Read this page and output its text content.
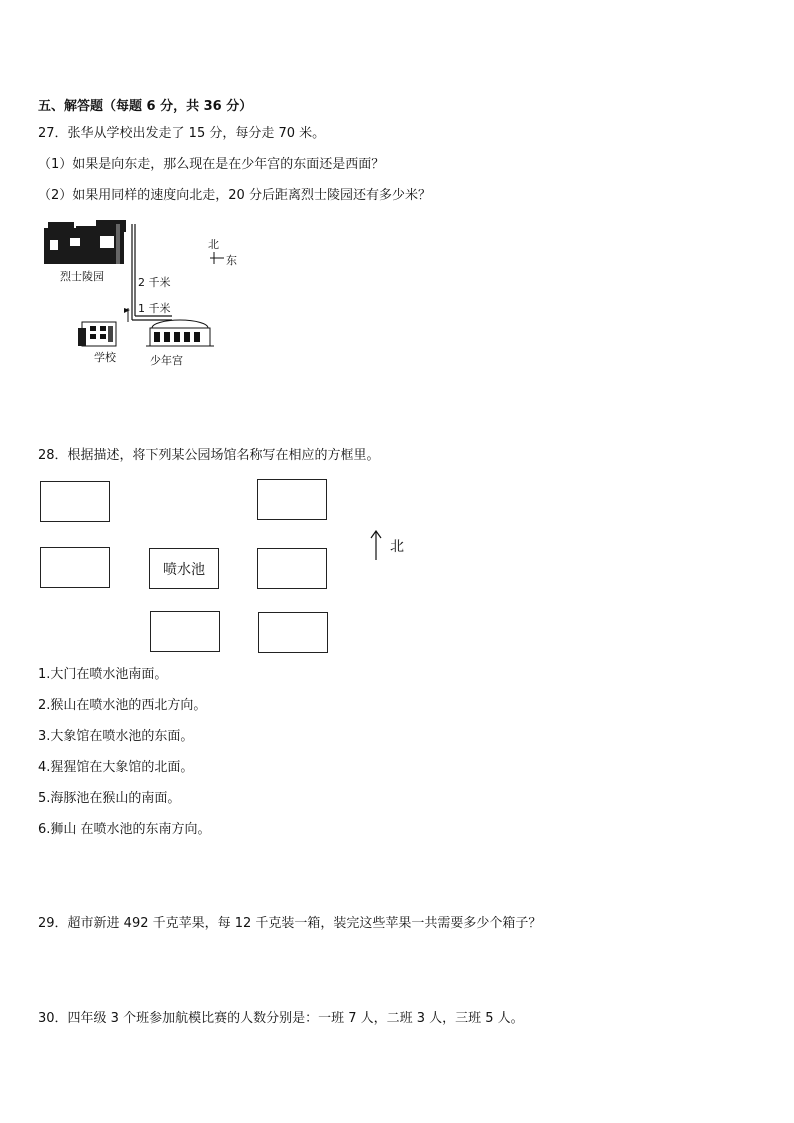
五、解答题（每题 6 分，共 36 分）
27．张华从学校出发走了 15 分，每分走 70 米。
（1）如果是向东走，那么现在是在少年宫的东面还是西面？
（2）如果用同样的速度向北走，20 分后距离烈士陵园还有多少米？
烈士陵园	2 千米
1 千米
学校	少年宫
北
东
28．根据描述，将下列某公园场馆名称写在相应的方框里。
喷水池
北
1.大门在喷水池南面。
2.猴山在喷水池的西北方向。
3.大象馆在喷水池的东面。
4.猩猩馆在大象馆的北面。
5.海豚池在猴山的南面。
6.狮山 在喷水池的东南方向。
29．超市新进 492 千克苹果，每 12 千克装一箱，装完这些苹果一共需要多少个箱子？
30．四年级 3 个班参加航模比赛的人数分别是：一班 7 人，二班 3 人，三班 5 人。
